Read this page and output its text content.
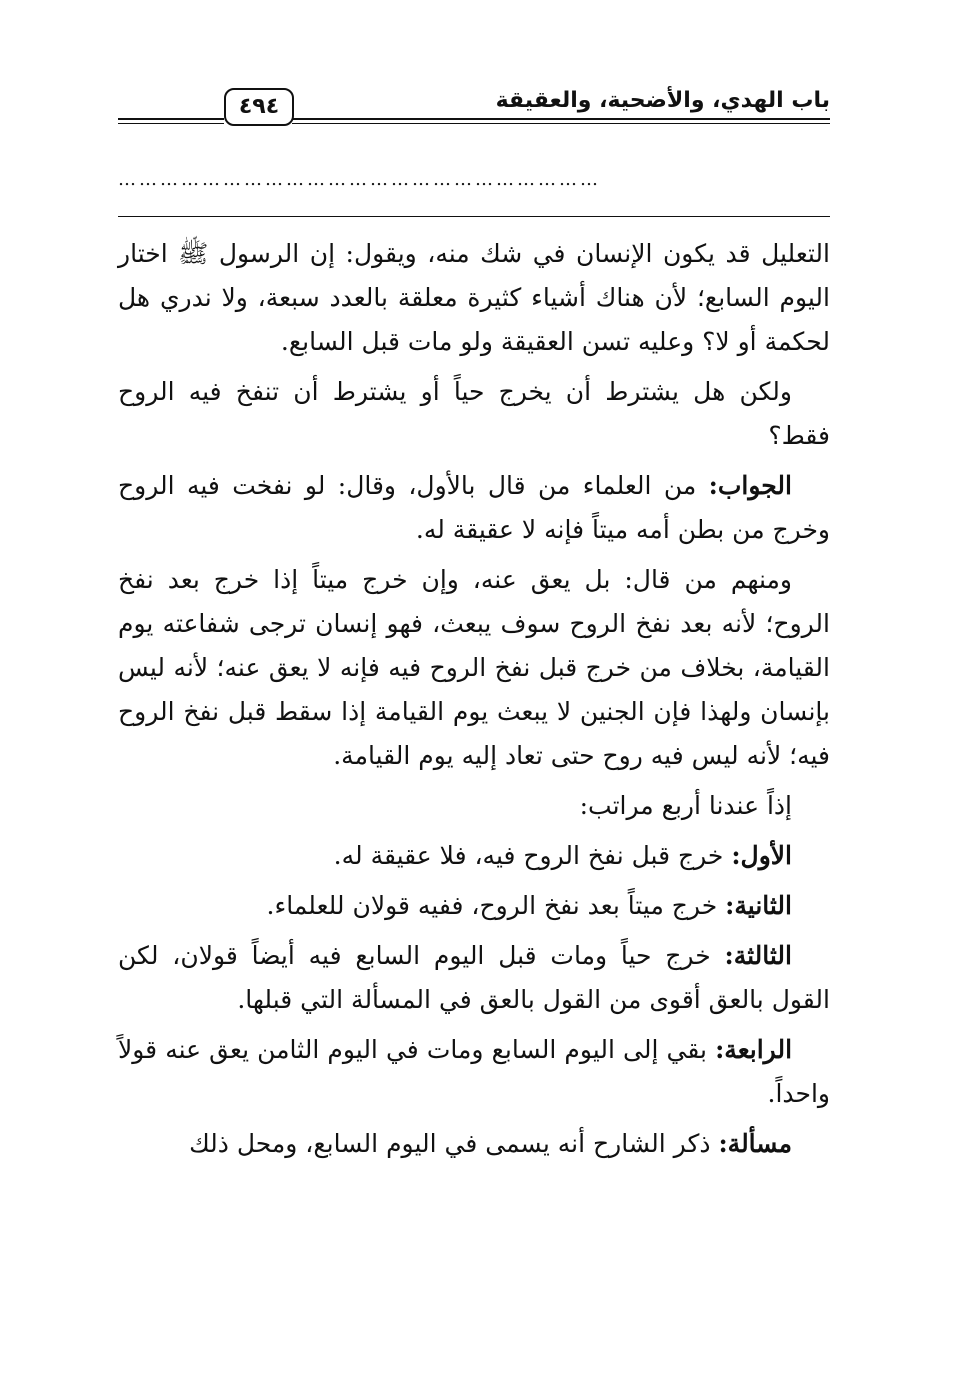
باب الهدي، والأضحية، والعقيقة
٤٩٤
……………………………………………………………

التعليل قد يكون الإنسان في شك منه، ويقول: إن الرسول ﷺ اختار اليوم السابع؛ لأن هناك أشياء كثيرة معلقة بالعدد سبعة، ولا ندري هل لحكمة أو لا؟ وعليه تسن العقيقة ولو مات قبل السابع.

ولكن هل يشترط أن يخرج حياً أو يشترط أن تنفخ فيه الروح فقط؟

الجواب: من العلماء من قال بالأول، وقال: لو نفخت فيه الروح وخرج من بطن أمه ميتاً فإنه لا عقيقة له.

ومنهم من قال: بل يعق عنه، وإن خرج ميتاً إذا خرج بعد نفخ الروح؛ لأنه بعد نفخ الروح سوف يبعث، فهو إنسان ترجى شفاعته يوم القيامة، بخلاف من خرج قبل نفخ الروح فيه فإنه لا يعق عنه؛ لأنه ليس بإنسان ولهذا فإن الجنين لا يبعث يوم القيامة إذا سقط قبل نفخ الروح فيه؛ لأنه ليس فيه روح حتى تعاد إليه يوم القيامة.

إذاً عندنا أربع مراتب:

الأول: خرج قبل نفخ الروح فيه، فلا عقيقة له.

الثانية: خرج ميتاً بعد نفخ الروح، ففيه قولان للعلماء.

الثالثة: خرج حياً ومات قبل اليوم السابع فيه أيضاً قولان، لكن القول بالعق أقوى من القول بالعق في المسألة التي قبلها.

الرابعة: بقي إلى اليوم السابع ومات في اليوم الثامن يعق عنه قولاً واحداً.

مسألة: ذكر الشارح أنه يسمى في اليوم السابع، ومحل ذلك
